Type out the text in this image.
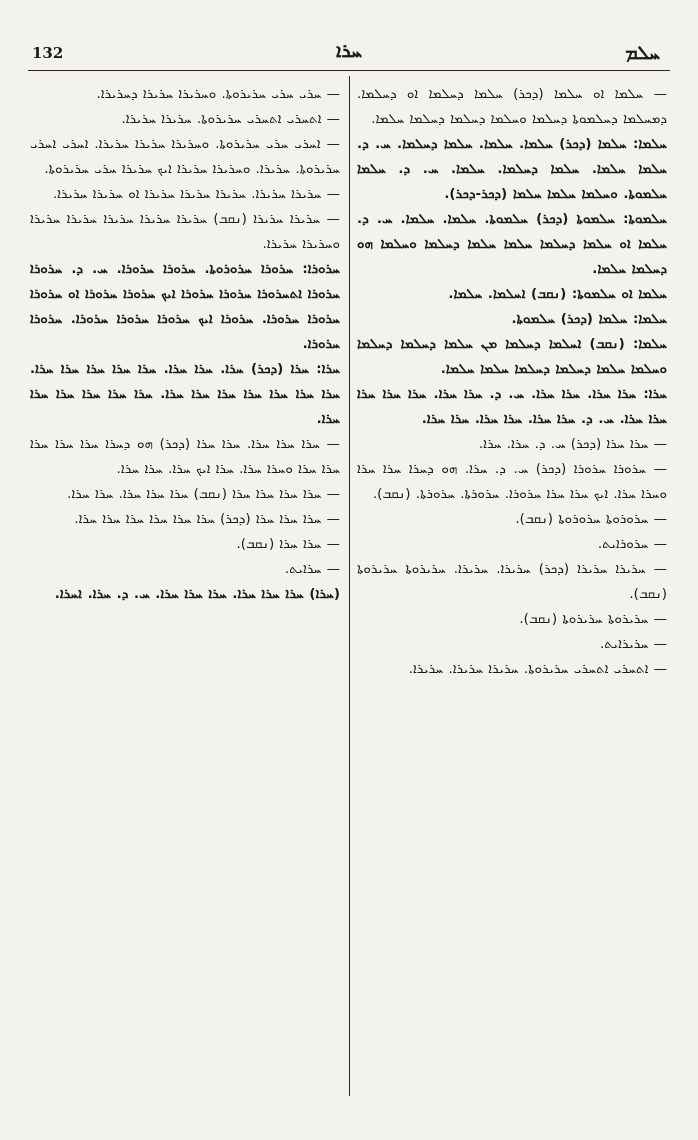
132	ܚܪܐ	ܚܠܡ

— ܚܠܡܐ ܐܘ ܚܠܡܐ (ܕܟܪ) ܚܠܡܐ ܕܚܠܡܐ ܐܘ ܕܚܠܡܐ. ܕܡܚܠܡܐ ܕܚܠܡܘܬܐ ܕܚܠܡܐ ܘܚܠܡܐ ܕܚܠܡܐ ܕܚܠܡܐ ܚܠܡܐ.

ܚܠܡܐ: ܚܠܡܐ (ܕܟܪ) ܚܠܡܐ. ܚܠܡܐ. ܚܠܡܐ ܕܚܠܡܐ. ܚ. ܕ. ܚܠܡܐ ܚܠܡܐ. ܚܠܡܐ ܕܚܠܡܐ. ܚܠܡܐ. ܚ. ܕ. ܚܠܡܐ ܚܠܡܘܬܐ. ܘܚܠܡܐ ܚܠܡܐ ܚܠܡܐ (ܕܟܪ-ܕܟܪ).

ܚܠܡܘܬܐ: ܚܠܡܘܬܐ (ܕܟܪ) ܚܠܡܘܬܐ. ܚܠܡܐ. ܚܠܡܐ. ܚ. ܕ. ܚܠܡܐ ܐܘ ܚܠܡܐ ܕܚܠܡܐ ܚܠܡܐ ܚܠܡܐ ܕܚܠܡܐ ܘܚܠܡܐ ܗܘ ܕܚܠܡܐ ܚܠܡܐ.

ܚܠܡܐ ܐܘ ܚܠܡܘܬܐ: (ܢܩܒ) ܐܚܠܡܐ. ܚܠܡܐ.

ܚܠܡܐ: ܚܠܡܐ (ܕܟܪ) ܚܠܡܘܬܐ.

ܚܠܡܐ: (ܢܩܒ) ܐܚܠܡܐ ܕܚܠܡܐ ܡܢ ܚܠܡܐ ܕܚܠܡܐ ܕܚܠܡܐ ܘܚܠܡܐ ܚܠܡܐ ܕܚܠܡܐ ܕܚܠܡܐ ܚܠܡܐ ܚܠܡܐ.

ܚܪܐ: ܚܪܐ ܚܪܐ. ܚܪܐ ܚܪܐ. ܚ. ܕ. ܚܪܐ ܚܪܐ. ܚܪܐ ܚܪܐ ܚܪܐ ܚܪܐ ܚܪܐ. ܚ. ܕ. ܚܪܐ ܚܪܐ. ܚܪܐ ܚܪܐ. ܚܪܐ ܚܪܐ.

— ܚܪܐ ܚܪܐ (ܕܟܪ) ܚ. ܕ. ܚܪܐ. ܚܪܐ.

— ܚܪܘܪܐ ܚܪܘܪܐ (ܕܟܪ) ܚ. ܕ. ܚܪܐ. ܗܘ ܕܚܪܐ ܚܪܐ ܚܪܐ ܘܚܪܐ ܚܪܐ. ܐܝܟ ܚܪܐ ܚܪܐ ܚܪܘܪܐ. ܚܪܘܪܬܐ. ܚܪܘܪܬܐ. (ܢܩܒ).

— ܚܪܘܪܘܬܐ ܚܪܘܪܘܬܐ (ܢܩܒ).

— ܚܪܘܪܐܝܬ.

— ܚܪܝܪܐ ܚܪܝܪܐ (ܕܟܪ) ܚܪܝܪܐ. ܚܪܝܪܐ. ܚܪܝܪܘܬܐ ܚܪܝܪܘܬܐ (ܢܩܒ).

— ܚܪܝܪܘܬܐ ܚܪܝܪܘܬܐ (ܢܩܒ).

— ܚܪܝܪܐܝܬ.

— ܐܬܚܪܝ ܐܬܚܪܝ ܚܪܝܪܘܬܐ. ܚܪܝܪܐ ܚܪܝܪܐ. ܚܪܝܪܐ.

— ܚܪܝ ܚܪܝ ܚܪܝܪܘܬܐ. ܘܚܪܝܪܐ ܚܪܝܪܐ ܕܚܪܝܪܐ.

— ܐܬܚܪܝ ܐܬܚܪܝ ܚܪܝܪܘܬܐ. ܚܪܝܪܐ ܚܪܝܪܐ.

— ܐܚܪܝ ܚܪܝ ܚܪܝܪܘܬܐ. ܘܚܪܝܪܐ ܚܪܝܪܐ ܚܪܝܪܐ. ܐܚܪܝ ܐܚܪܝ ܚܪܝܪܘܬܐ. ܚܪܝܪܐ. ܘܚܪܝܪܐ ܚܪܝܪܐ ܐܝܟ ܚܪܝܪܐ ܚܪܝ ܚܪܝܪܘܬܐ.

— ܚܪܝܪܐ ܚܪܝܪܐ. ܚܪܝܪܐ ܚܪܝܪܐ ܚܪܝܪܐ ܐܘ ܚܪܝܪܐ ܚܪܝܪܐ.

— ܚܪܝܪܐ ܚܪܝܪܐ (ܢܩܒ) ܚܪܝܪܐ ܚܪܝܪܐ ܚܪܝܪܐ ܚܪܝܪܐ ܚܪܝܪܐ ܘܚܪܝܪܐ ܚܪܝܪܐ.

ܚܪܘܪܐ: ܚܪܘܪܐ ܚܪܘܪܘܬܐ. ܚܪܘܪܐ ܚܪܘܪܐ. ܚ. ܕ. ܚܪܘܪܐ ܚܪܘܪܐ ܐܬܚܪܘܪܐ ܚܪܘܪܐ ܚܪܘܪܐ ܐܝܟ ܚܪܘܪܐ ܚܪܘܪܐ ܐܘ ܚܪܘܪܐ ܚܪܘܪܐ ܚܪܘܪܐ. ܚܪܘܪܐ ܐܝܟ ܚܪܘܪܐ ܚܪܘܪܐ ܚܪܘܪܐ. ܚܪܘܪܐ ܚܪܘܪܐ.

ܚܪܐ: ܚܪܐ (ܕܟܪ) ܚܪܐ. ܚܪܐ ܚܪܐ. ܚܪܐ ܚܪܐ ܚܪܐ ܚܪܐ ܚܪܐ. ܚܪܐ ܚܪܐ ܚܪܐ ܚܪܐ ܚܪܐ ܚܪܐ ܚܪܐ. ܚܪܐ ܚܪܐ ܚܪܐ ܚܪܐ ܚܪܐ ܚܪܐ.

— ܚܪܐ ܚܪܐ ܚܪܐ. ܚܪܐ ܚܪܐ (ܕܟܪ) ܗܘ ܕܚܪܐ ܚܪܐ ܚܪܐ ܚܪܐ ܚܪܐ ܚܪܐ ܘܚܪܐ ܚܪܐ. ܚܪܐ ܐܝܟ ܚܪܐ. ܚܪܐ ܚܪܐ.

— ܚܪܐ ܚܪܐ ܚܪܐ ܚܪܐ (ܢܩܒ) ܚܪܐ ܚܪܐ ܚܪܐ. ܚܪܐ ܚܪܐ.

— ܚܪܐ ܚܪܐ ܚܪܐ (ܕܟܪ) ܚܪܐ ܚܪܐ ܚܪܐ ܚܪܐ ܚܪܐ ܚܪܐ.

— ܚܪܐ ܚܪܐ (ܢܩܒ).

— ܚܪܐܝܬ.

(ܚܪܐ) ܚܪܐ ܚܪܐ ܚܪܐ. ܚܪܐ ܚܪܐ ܚܪܐ. ܚ. ܕ. ܚܪܐ. ܐܚܪܐ.
